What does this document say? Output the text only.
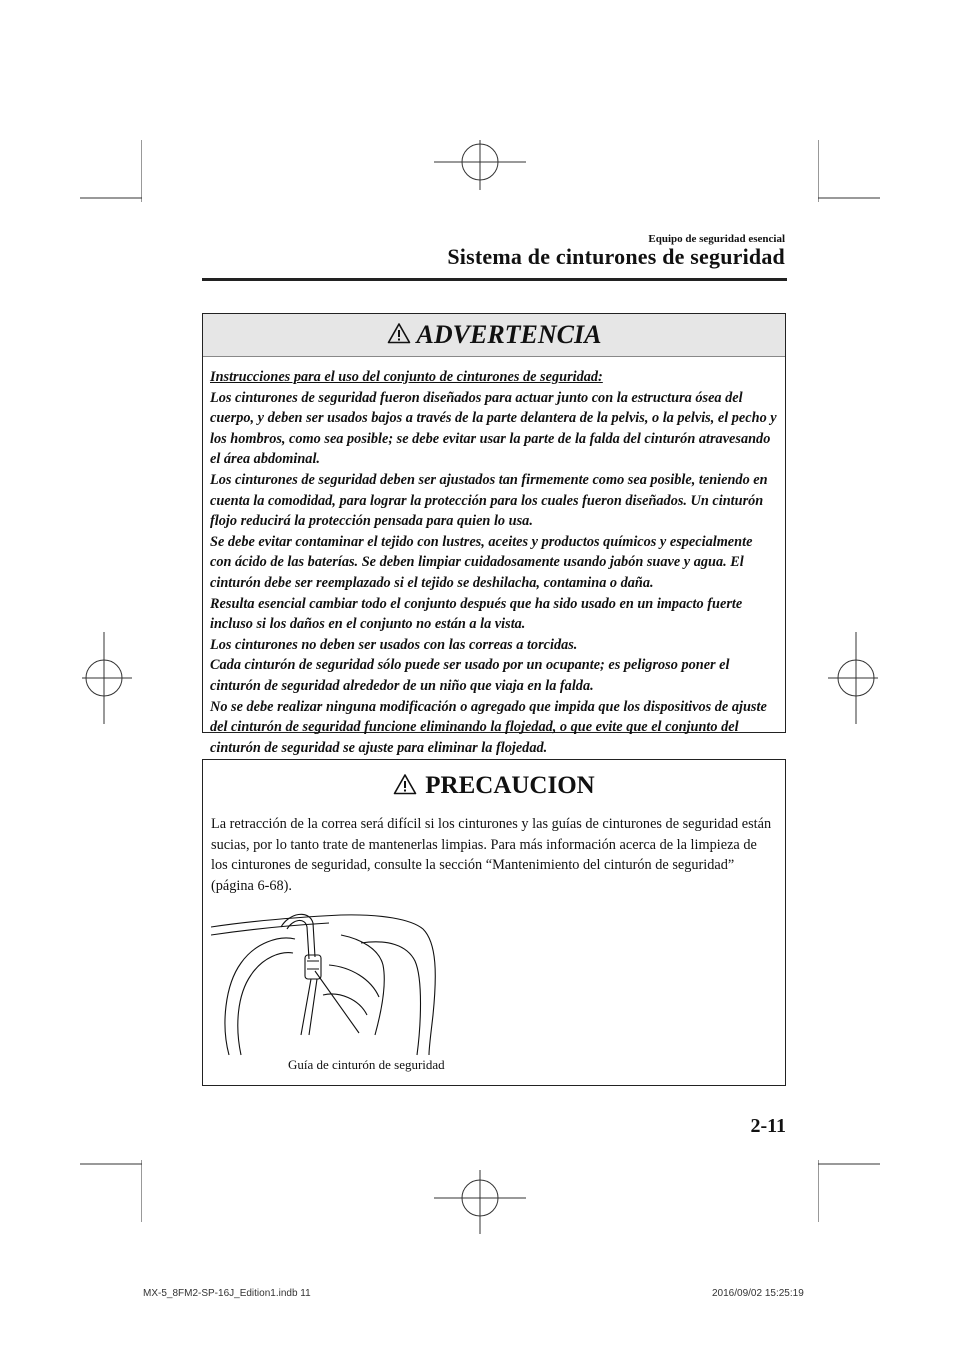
Equipo de seguridad esencial
Sistema de cinturones de seguridad
ADVERTENCIA

Instrucciones para el uso del conjunto de cinturones de seguridad:

Los cinturones de seguridad fueron diseñados para actuar junto con la estructura ósea del cuerpo, y deben ser usados bajos a través de la parte delantera de la pelvis, o la pelvis, el pecho y los hombros, como sea posible; se debe evitar usar la parte de la falda del cinturón atravesando el área abdominal.

Los cinturones de seguridad deben ser ajustados tan firmemente como sea posible, teniendo en cuenta la comodidad, para lograr la protección para los cuales fueron diseñados. Un cinturón flojo reducirá la protección pensada para quien lo usa.

Se debe evitar contaminar el tejido con lustres, aceites y productos químicos y especialmente con ácido de las baterías. Se deben limpiar cuidadosamente usando jabón suave y agua. El cinturón debe ser reemplazado si el tejido se deshilacha, contamina o daña.

Resulta esencial cambiar todo el conjunto después que ha sido usado en un impacto fuerte incluso si los daños en el conjunto no están a la vista.

Los cinturones no deben ser usados con las correas a torcidas.

Cada cinturón de seguridad sólo puede ser usado por un ocupante; es peligroso poner el cinturón de seguridad alrededor de un niño que viaja en la falda.

No se debe realizar ninguna modificación o agregado que impida que los dispositivos de ajuste del cinturón de seguridad funcione eliminando la flojedad, o que evite que el conjunto del cinturón de seguridad se ajuste para eliminar la flojedad.

PRECAUCION

La retracción de la correa será difícil si los cinturones y las guías de cinturones de seguridad están sucias, por lo tanto trate de mantenerlas limpias. Para más información acerca de la limpieza de los cinturones de seguridad, consulte la sección “Mantenimiento del cinturón de seguridad” (página 6-68).

Guía de cinturón de seguridad
2-11
MX-5_8FM2-SP-16J_Edition1.indb 11	2016/09/02 15:25:19
